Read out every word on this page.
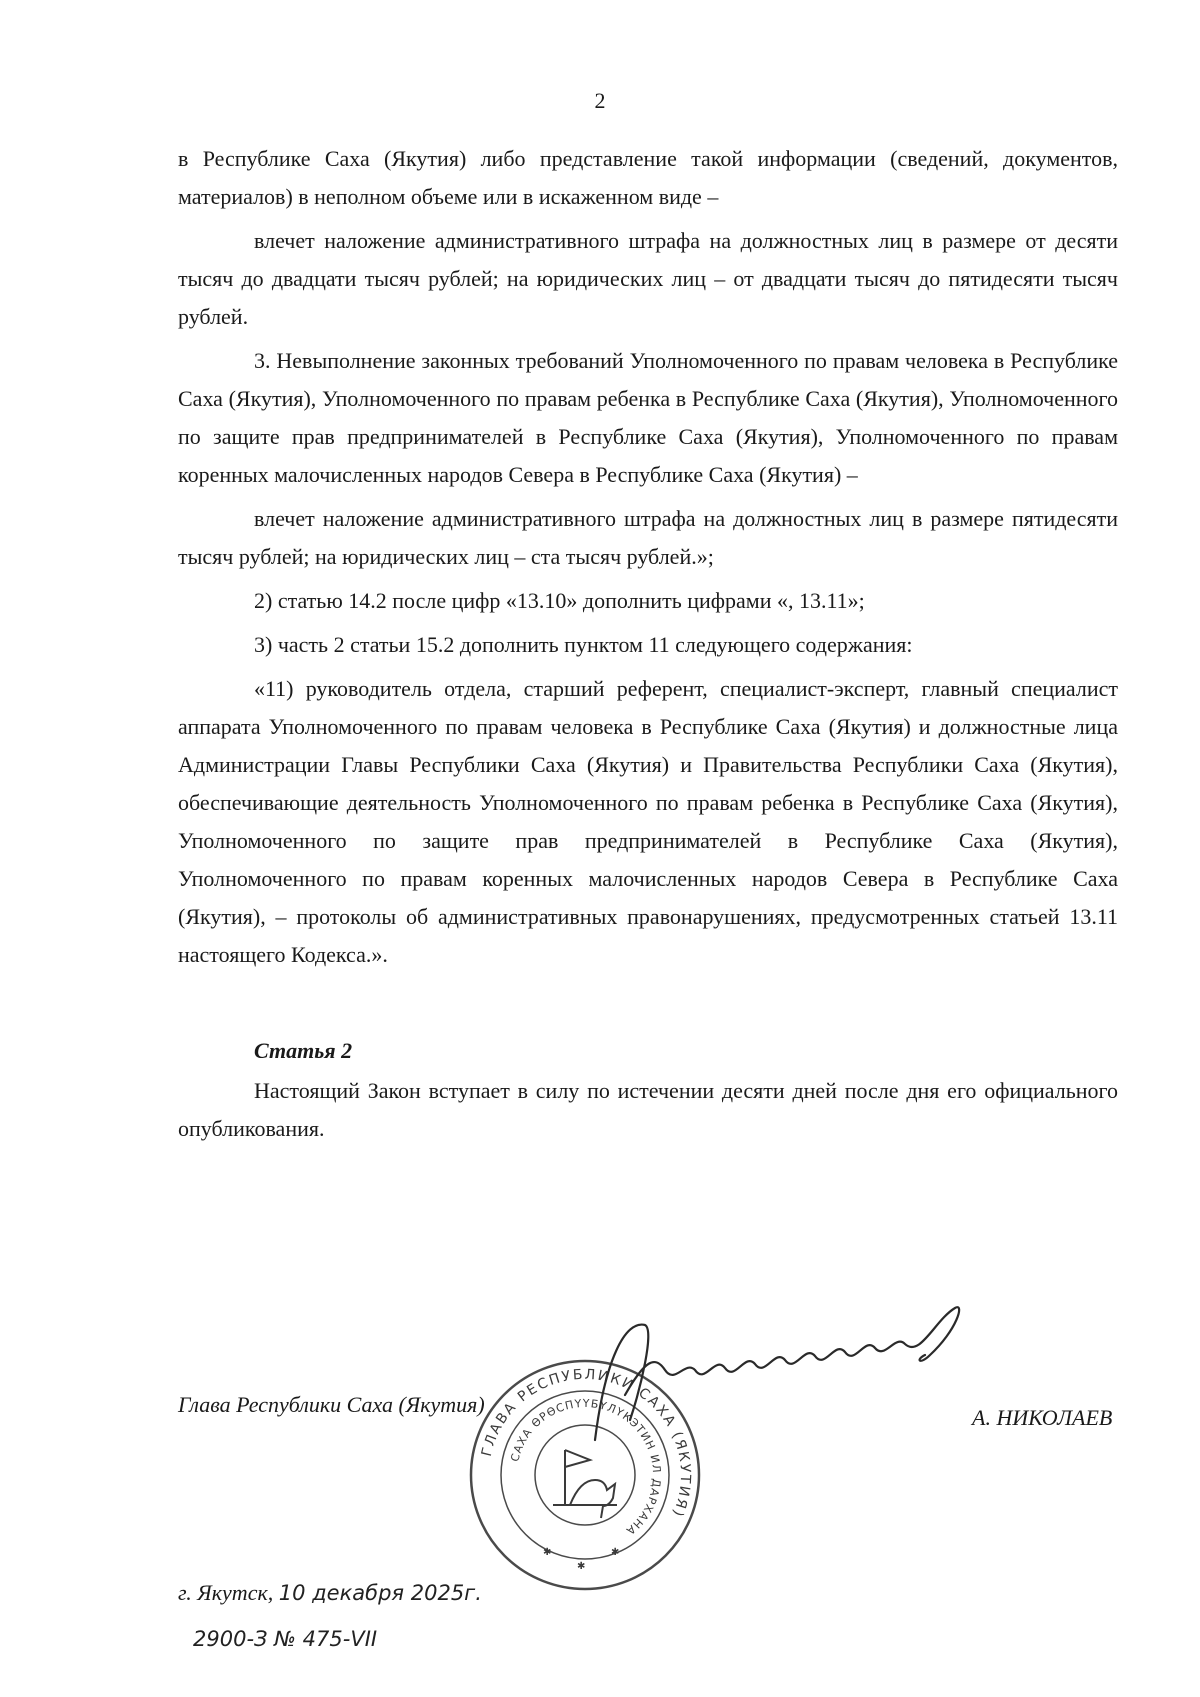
2

в Республике Саха (Якутия) либо представление такой информации (сведений, документов, материалов) в неполном объеме или в искаженном виде –

влечет наложение административного штрафа на должностных лиц в размере от десяти тысяч до двадцати тысяч рублей; на юридических лиц – от двадцати тысяч до пятидесяти тысяч рублей.

3. Невыполнение законных требований Уполномоченного по правам человека в Республике Саха (Якутия), Уполномоченного по правам ребенка в Республике Саха (Якутия), Уполномоченного по защите прав предпринимателей в Республике Саха (Якутия), Уполномоченного по правам коренных малочисленных народов Севера в Республике Саха (Якутия) –

влечет наложение административного штрафа на должностных лиц в размере пятидесяти тысяч рублей; на юридических лиц – ста тысяч рублей.»;

2) статью 14.2 после цифр «13.10» дополнить цифрами «, 13.11»;

3) часть 2 статьи 15.2 дополнить пунктом 11 следующего содержания:

«11) руководитель отдела, старший референт, специалист-эксперт, главный специалист аппарата Уполномоченного по правам человека в Республике Саха (Якутия) и должностные лица Администрации Главы Республики Саха (Якутия) и Правительства Республики Саха (Якутия), обеспечивающие деятельность Уполномоченного по правам ребенка в Республике Саха (Якутия), Уполномоченного по защите прав предпринимателей в Республике Саха (Якутия), Уполномоченного по правам коренных малочисленных народов Севера в Республике Саха (Якутия), – протоколы об административных правонарушениях, предусмотренных статьей 13.11 настоящего Кодекса.».

Статья 2

Настоящий Закон вступает в силу по истечении десяти дней после дня его официального опубликования.

Глава Республики Саха (Якутия)
А. НИКОЛАЕВ
г. Якутск, 10 декабря 2025г.
2900-З № 475-VII
ГЛАВА РЕСПУБЛИКИ САХА (ЯКУТИЯ)
САХА ӨРӨСПҮҮБҮЛҮКЭТИН ИЛ ДАРХАНА
✱
✱	✱
